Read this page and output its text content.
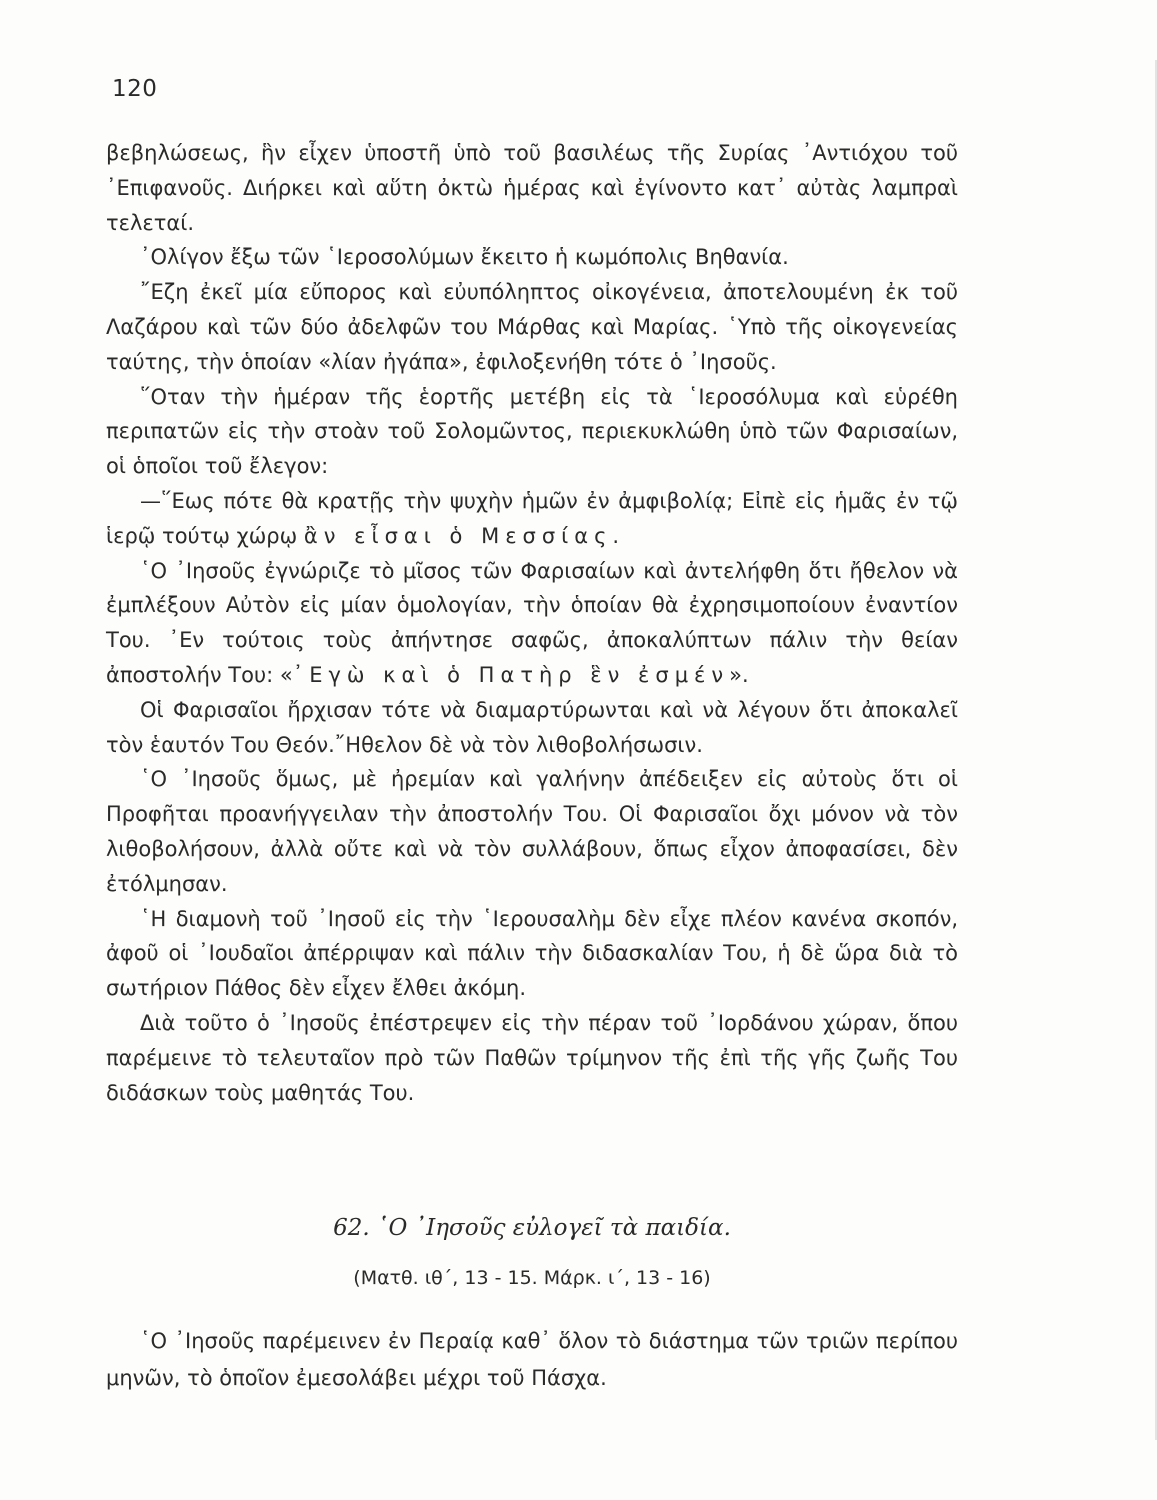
120

βεβηλώσεως, ἣν εἶχεν ὑποστῆ ὑπὸ τοῦ βασιλέως τῆς Συρίας ᾿Αντιόχου τοῦ ᾿Επιφανοῦς. Διήρκει καὶ αὕτη ὀκτὼ ἡμέρας καὶ ἐγίνοντο κατ᾿ αὐτὰς λαμπραὶ τελεταί.

᾿Ολίγον ἔξω τῶν ῾Ιεροσολύμων ἔκειτο ἡ κωμόπολις Βηθανία.

῎Εζη ἐκεῖ μία εὔπορος καὶ εὐυπόληπτος οἰκογένεια, ἀποτελουμένη ἐκ τοῦ Λαζάρου καὶ τῶν δύο ἀδελφῶν του Μάρθας καὶ Μαρίας. ῾Υπὸ τῆς οἰκογενείας ταύτης, τὴν ὁποίαν «λίαν ἠγάπα», ἐφιλοξενήθη τότε ὁ ᾿Ιησοῦς.

῞Οταν τὴν ἡμέραν τῆς ἑορτῆς μετέβη εἰς τὰ ῾Ιεροσόλυμα καὶ εὑρέθη περιπατῶν εἰς τὴν στοὰν τοῦ Σολομῶντος, περιεκυκλώθη ὑπὸ τῶν Φαρισαίων, οἱ ὁποῖοι τοῦ ἔλεγον:

—῞Εως πότε θὰ κρατῇς τὴν ψυχὴν ἡμῶν ἐν ἀμφιβολίᾳ; Εἰπὲ εἰς ἡμᾶς ἐν τῷ ἱερῷ τούτῳ χώρῳ ἂν εἶσαι ὁ Μεσσίας.

῾Ο ᾿Ιησοῦς ἐγνώριζε τὸ μῖσος τῶν Φαρισαίων καὶ ἀντελήφθη ὅτι ἤθελον νὰ ἐμπλέξουν Αὐτὸν εἰς μίαν ὁμολογίαν, τὴν ὁποίαν θὰ ἐχρησιμοποίουν ἐναντίον Του. ᾿Εν τούτοις τοὺς ἀπήντησε σαφῶς, ἀποκαλύπτων πάλιν τὴν θείαν ἀποστολήν Του: «᾿Εγὼ καὶ ὁ Πατὴρ ἓν ἐσμέν».

Οἱ Φαρισαῖοι ἤρχισαν τότε νὰ διαμαρτύρωνται καὶ νὰ λέγουν ὅτι ἀποκαλεῖ τὸν ἑαυτόν Του Θεόν.῎Ηθελον δὲ νὰ τὸν λιθοβολήσωσιν.

῾Ο ᾿Ιησοῦς ὅμως, μὲ ἠρεμίαν καὶ γαλήνην ἀπέδειξεν εἰς αὐτοὺς ὅτι οἱ Προφῆται προανήγγειλαν τὴν ἀποστολήν Του. Οἱ Φαρισαῖοι ὄχι μόνον νὰ τὸν λιθοβολήσουν, ἀλλὰ οὔτε καὶ νὰ τὸν συλλάβουν, ὅπως εἶχον ἀποφασίσει, δὲν ἐτόλμησαν.

῾Η διαμονὴ τοῦ ᾿Ιησοῦ εἰς τὴν ῾Ιερουσαλὴμ δὲν εἶχε πλέον κανένα σκοπόν, ἀφοῦ οἱ ᾿Ιουδαῖοι ἀπέρριψαν καὶ πάλιν τὴν διδασκαλίαν Του, ἡ δὲ ὥρα διὰ τὸ σωτήριον Πάθος δὲν εἶχεν ἔλθει ἀκόμη.

Διὰ τοῦτο ὁ ᾿Ιησοῦς ἐπέστρεψεν εἰς τὴν πέραν τοῦ ᾿Ιορδάνου χώραν, ὅπου παρέμεινε τὸ τελευταῖον πρὸ τῶν Παθῶν τρίμηνον τῆς ἐπὶ τῆς γῆς ζωῆς Του διδάσκων τοὺς μαθητάς Του.

62. ῾Ο ᾿Ιησοῦς εὐλογεῖ τὰ παιδία.
(Ματθ. ιθ΄, 13 - 15. Μάρκ. ι΄, 13 - 16)

῾Ο ᾿Ιησοῦς παρέμεινεν ἐν Περαίᾳ καθ᾿ ὅλον τὸ διάστημα τῶν τριῶν περίπου μηνῶν, τὸ ὁποῖον ἐμεσολάβει μέχρι τοῦ Πάσχα.
